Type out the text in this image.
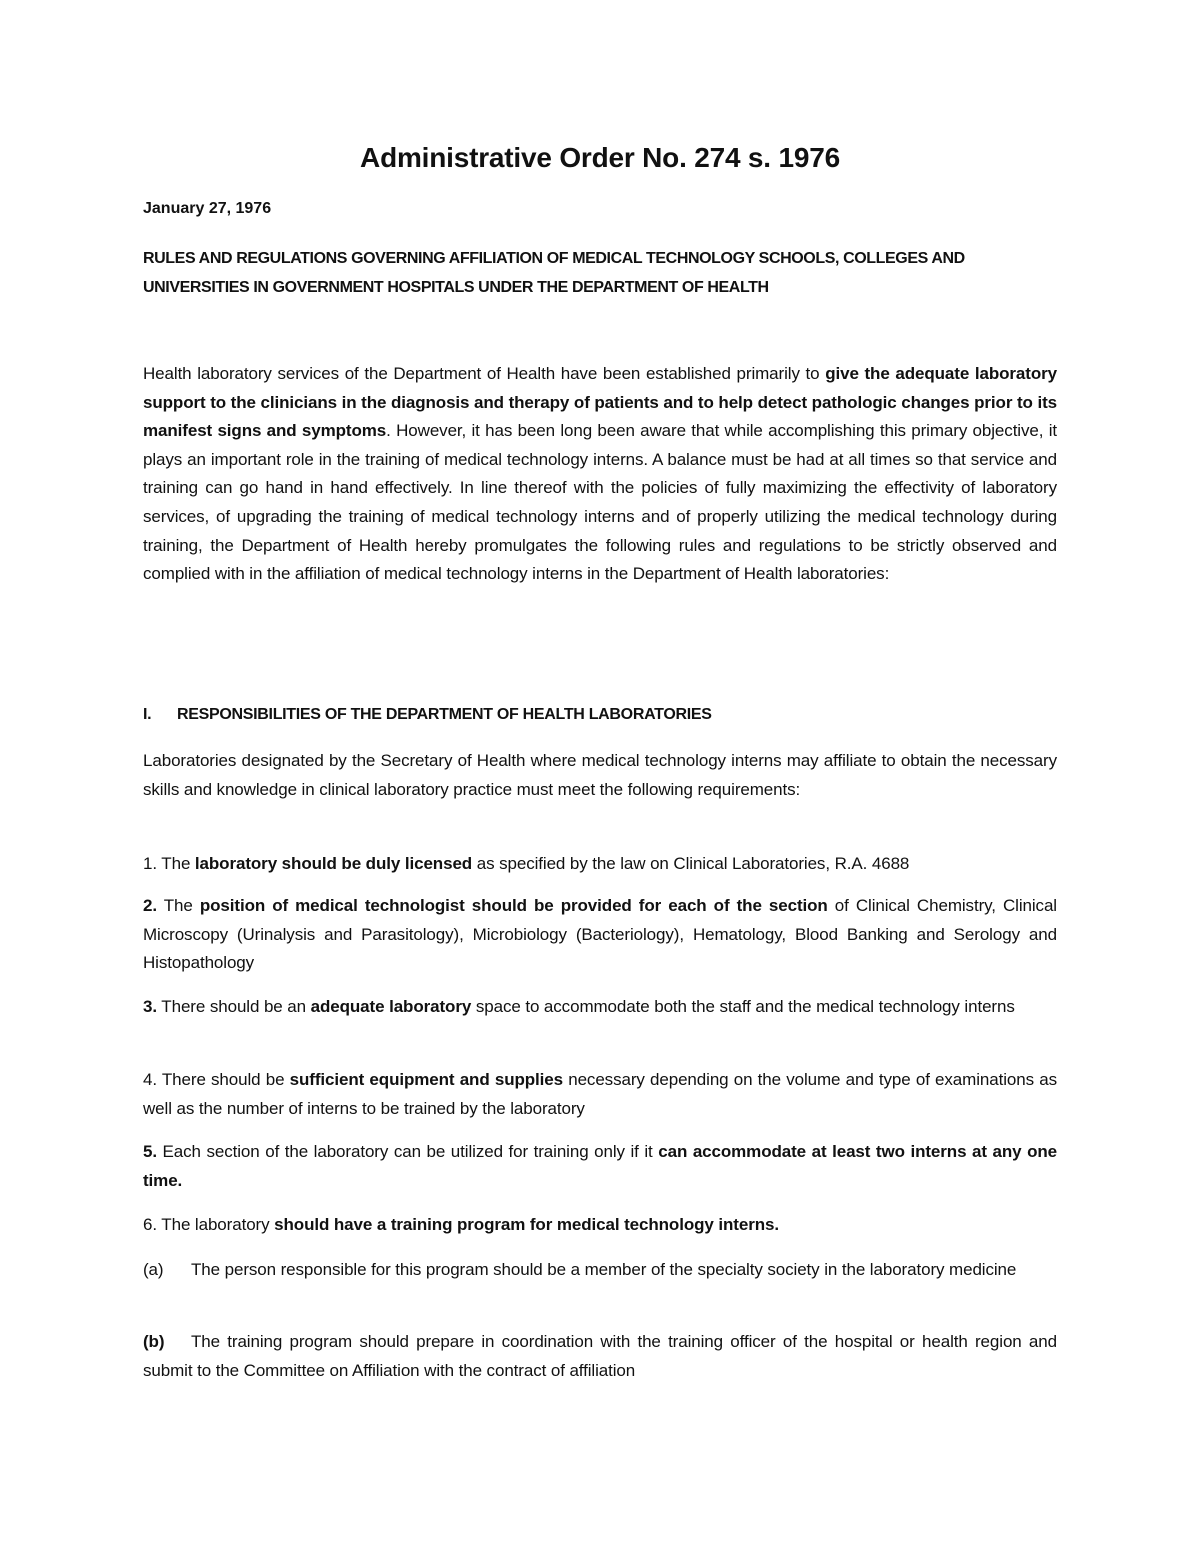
Administrative Order No. 274 s. 1976

January 27, 1976

RULES AND REGULATIONS GOVERNING AFFILIATION OF MEDICAL TECHNOLOGY SCHOOLS, COLLEGES AND UNIVERSITIES IN GOVERNMENT HOSPITALS UNDER THE DEPARTMENT OF HEALTH

Health laboratory services of the Department of Health have been established primarily to give the adequate laboratory support to the clinicians in the diagnosis and therapy of patients and to help detect pathologic changes prior to its manifest signs and symptoms. However, it has been long been aware that while accomplishing this primary objective, it plays an important role in the training of medical technology interns. A balance must be had at all times so that service and training can go hand in hand effectively. In line thereof with the policies of fully maximizing the effectivity of laboratory services, of upgrading the training of medical technology interns and of properly utilizing the medical technology during training, the Department of Health hereby promulgates the following rules and regulations to be strictly observed and complied with in the affiliation of medical technology interns in the Department of Health laboratories:

I. RESPONSIBILITIES OF THE DEPARTMENT OF HEALTH LABORATORIES

Laboratories designated by the Secretary of Health where medical technology interns may affiliate to obtain the necessary skills and knowledge in clinical laboratory practice must meet the following requirements:

1. The laboratory should be duly licensed as specified by the law on Clinical Laboratories, R.A. 4688

2. The position of medical technologist should be provided for each of the section of Clinical Chemistry, Clinical Microscopy (Urinalysis and Parasitology), Microbiology (Bacteriology), Hematology, Blood Banking and Serology and Histopathology

3. There should be an adequate laboratory space to accommodate both the staff and the medical technology interns

4. There should be sufficient equipment and supplies necessary depending on the volume and type of examinations as well as the number of interns to be trained by the laboratory

5. Each section of the laboratory can be utilized for training only if it can accommodate at least two interns at any one time.

6. The laboratory should have a training program for medical technology interns.

(a) The person responsible for this program should be a member of the specialty society in the laboratory medicine

(b) The training program should prepare in coordination with the training officer of the hospital or health region and submit to the Committee on Affiliation with the contract of affiliation
